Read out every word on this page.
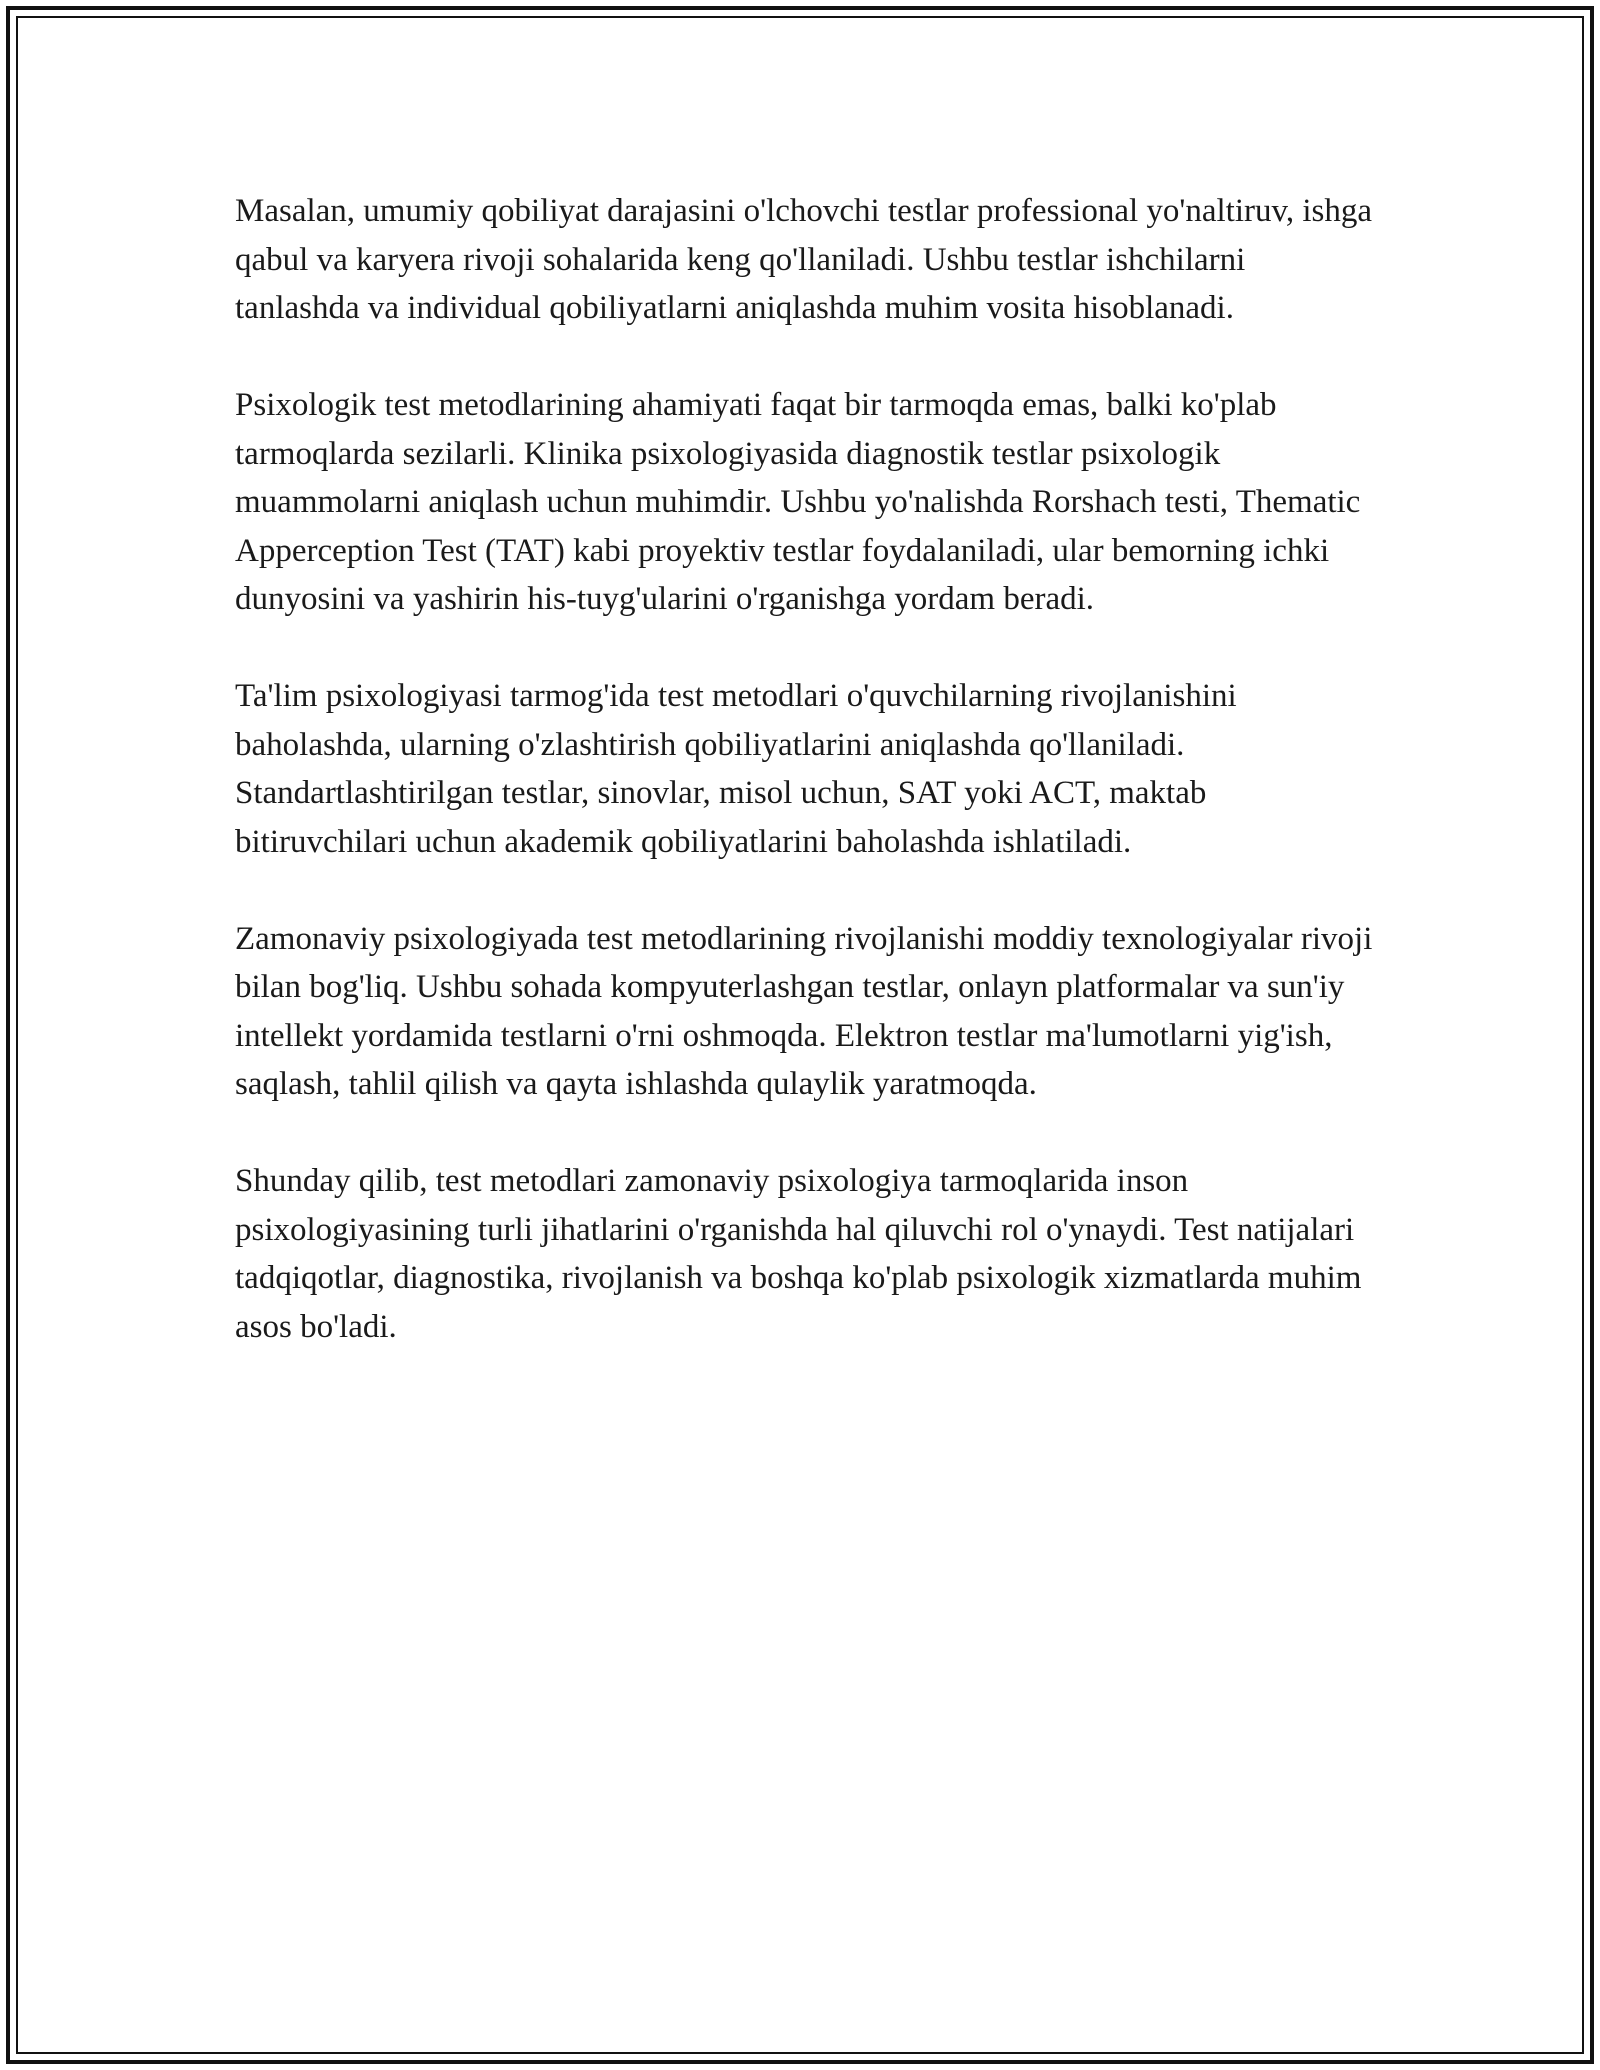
Masalan, umumiy qobiliyat darajasini o'lchovchi testlar professional yo'naltiruv, ishga qabul va karyera rivoji sohalarida keng qo'llaniladi. Ushbu testlar ishchilarni tanlashda va individual qobiliyatlarni aniqlashda muhim vosita hisoblanadi.

Psixologik test metodlarining ahamiyati faqat bir tarmoqda emas, balki ko'plab tarmoqlarda sezilarli. Klinika psixologiyasida diagnostik testlar psixologik muammolarni aniqlash uchun muhimdir. Ushbu yo'nalishda Rorshach testi, Thematic Apperception Test (TAT) kabi proyektiv testlar foydalaniladi, ular bemorning ichki dunyosini va yashirin his-tuyg'ularini o'rganishga yordam beradi.

Ta'lim psixologiyasi tarmog'ida test metodlari o'quvchilarning rivojlanishini baholashda, ularning o'zlashtirish qobiliyatlarini aniqlashda qo'llaniladi. Standartlashtirilgan testlar, sinovlar, misol uchun, SAT yoki ACT, maktab bitiruvchilari uchun akademik qobiliyatlarini baholashda ishlatiladi.

Zamonaviy psixologiyada test metodlarining rivojlanishi moddiy texnologiyalar rivoji bilan bog'liq. Ushbu sohada kompyuterlashgan testlar, onlayn platformalar va sun'iy intellekt yordamida testlarni o'rni oshmoqda. Elektron testlar ma'lumotlarni yig'ish, saqlash, tahlil qilish va qayta ishlashda qulaylik yaratmoqda.

Shunday qilib, test metodlari zamonaviy psixologiya tarmoqlarida inson psixologiyasining turli jihatlarini o'rganishda hal qiluvchi rol o'ynaydi. Test natijalari tadqiqotlar, diagnostika, rivojlanish va boshqa ko'plab psixologik xizmatlarda muhim asos bo'ladi.
